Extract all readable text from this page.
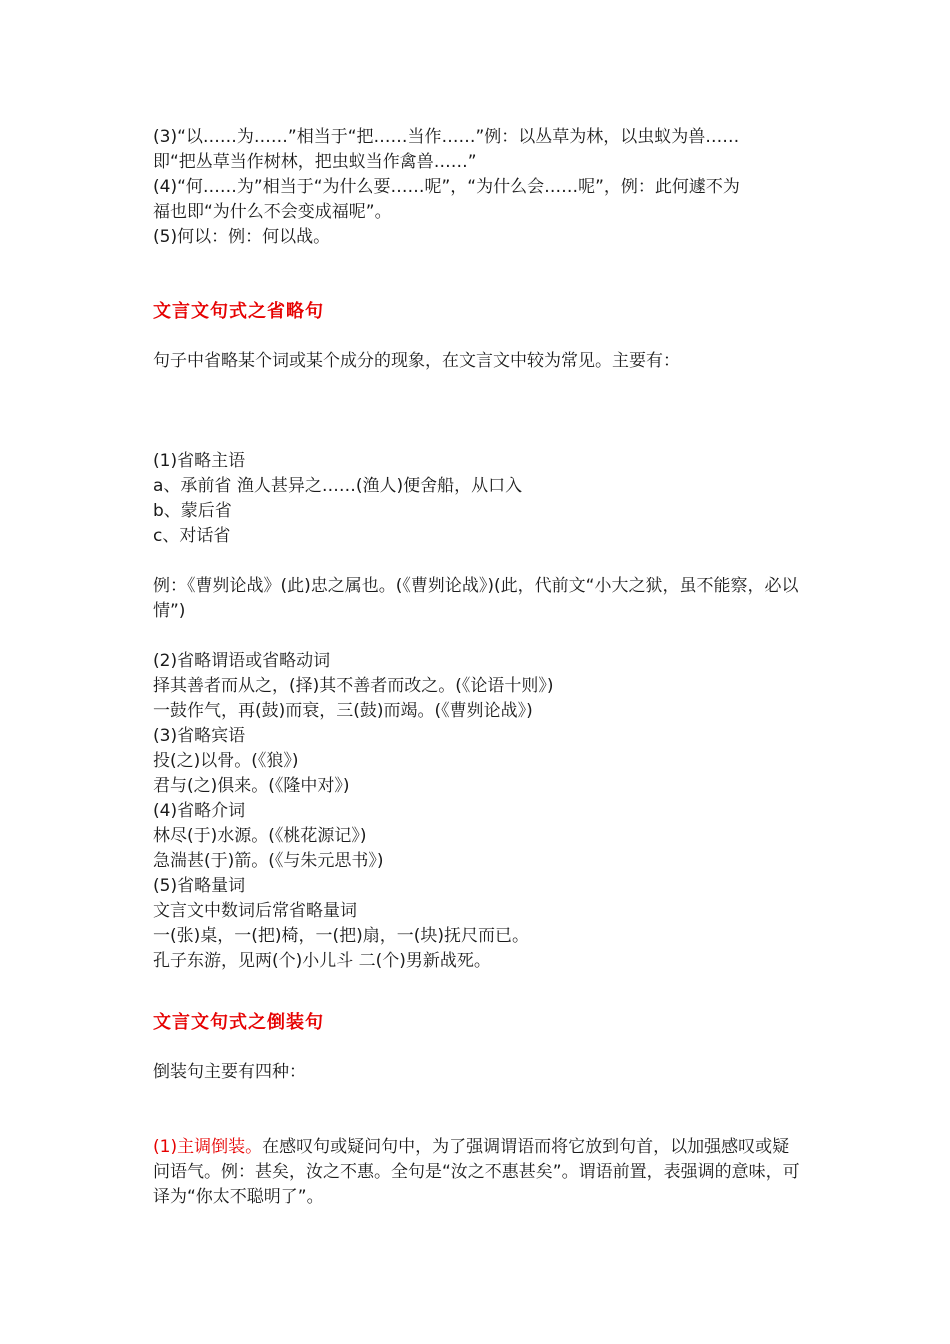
(3)“以……为……”相当于“把……当作……”例：以丛草为林，以虫蚁为兽……
即“把丛草当作树林，把虫蚁当作禽兽……”
(4)“何……为”相当于“为什么要……呢”，“为什么会……呢”，例：此何遽不为
福也即“为什么不会变成福呢”。
(5)何以：例：何以战。
文言文句式之省略句
句子中省略某个词或某个成分的现象，在文言文中较为常见。主要有：
(1)省略主语
a、承前省 渔人甚异之……(渔人)便舍船，从口入
b、蒙后省
c、对话省
例：《曹刿论战》(此)忠之属也。(《曹刿论战》)(此，代前文“小大之狱，虽不能察，必以情”)
(2)省略谓语或省略动词
择其善者而从之，(择)其不善者而改之。(《论语十则》)
一鼓作气，再(鼓)而衰，三(鼓)而竭。(《曹刿论战》)
(3)省略宾语
投(之)以骨。(《狼》)
君与(之)俱来。(《隆中对》)
(4)省略介词
林尽(于)水源。(《桃花源记》)
急湍甚(于)箭。(《与朱元思书》)
(5)省略量词
文言文中数词后常省略量词
一(张)桌，一(把)椅，一(把)扇，一(块)抚尺而已。
孔子东游，见两(个)小儿斗 二(个)男新战死。
文言文句式之倒装句
倒装句主要有四种：
(1)主调倒装。在感叹句或疑问句中，为了强调谓语而将它放到句首，以加强感叹或疑问语气。例：甚矣，汝之不惠。全句是“汝之不惠甚矣”。谓语前置，表强调的意味，可译为“你太不聪明了”。
